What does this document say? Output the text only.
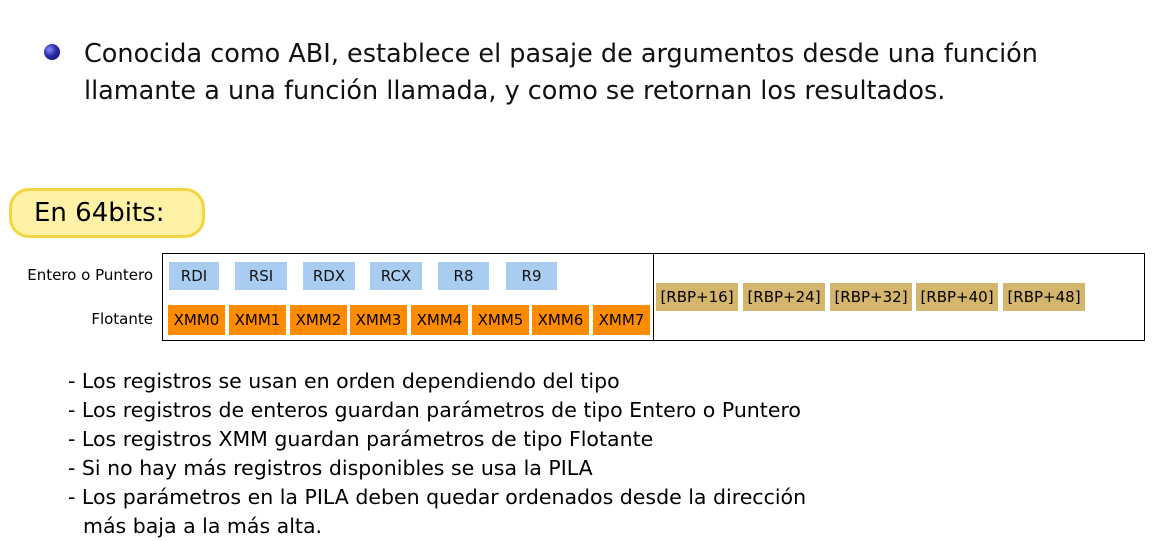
Conocida como ABI, establece el pasaje de argumentos desde una función
llamante a una función llamada, y como se retornan los resultados.
En 64bits:
Entero o Puntero
Flotante
RDI	RSI	RDX	RCX	R8	R9
XMM0	XMM1	XMM2 XMM3	XMM4	XMM5 XMM6	XMM7
[RBP+16] [RBP+24] [RBP+32] [RBP+40] [RBP+48]
- Los registros se usan en orden dependiendo del tipo
- Los registros de enteros guardan parámetros de tipo Entero o Puntero
- Los registros XMM guardan parámetros de tipo Flotante
- Si no hay más registros disponibles se usa la PILA
- Los parámetros en la PILA deben quedar ordenados desde la dirección
más baja a la más alta.
